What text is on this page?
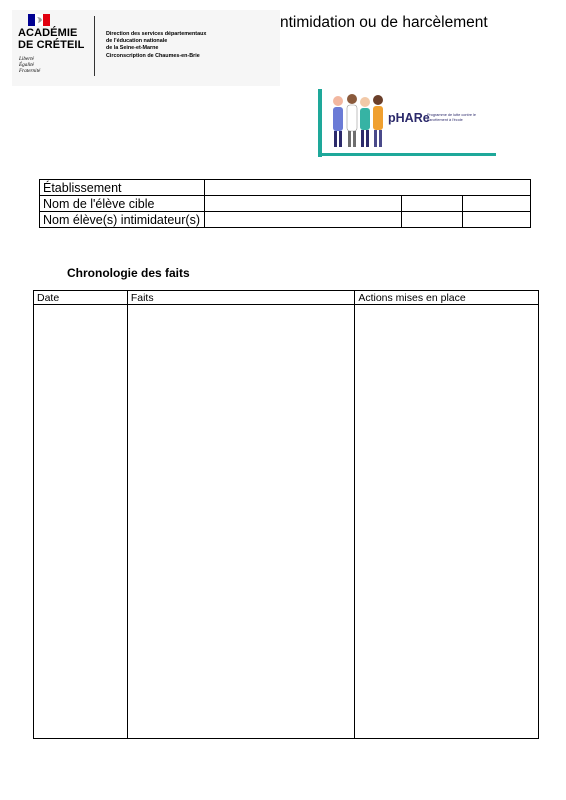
ACADÉMIE
DE CRÉTEIL
Liberté
Égalité
Fraternité
Direction des services départementaux
de l'éducation nationale
de la Seine-et-Marne
Circonscription de Chaumes-en-Brie
ntimidation ou de harcèlement
pHARe
Programme de lutte contre le harcèlement à l'école
Établissement			
Nom de l'élève cible			
Nom élève(s) intimidateur(s)			
Chronologie des faits
Date	Faits	Actions mises en place
